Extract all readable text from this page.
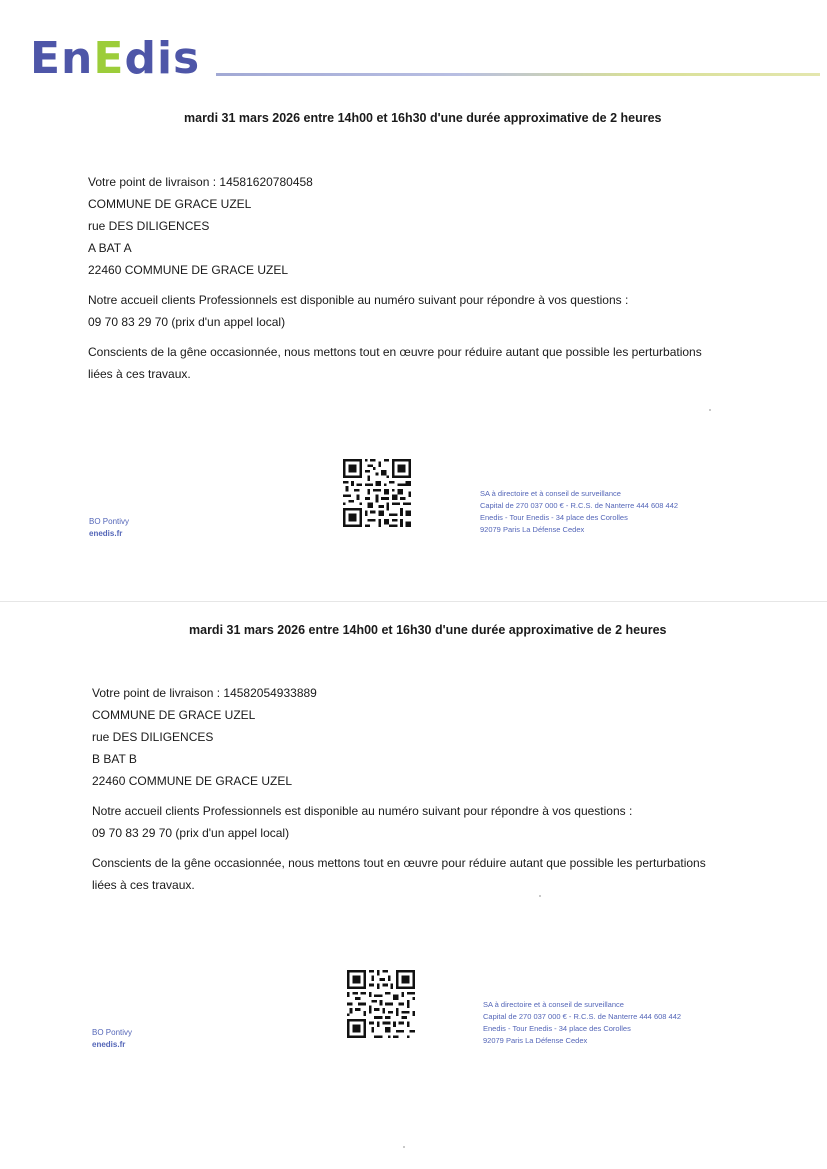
EnEdis
mardi 31 mars 2026 entre 14h00 et 16h30 d'une durée approximative de 2 heures

Votre point de livraison : 14581620780458

COMMUNE DE GRACE UZEL

rue DES DILIGENCES

A BAT A

22460 COMMUNE DE GRACE UZEL

Notre accueil clients Professionnels est disponible au numéro suivant pour répondre à vos questions :

09 70 83 29 70 (prix d'un appel local)

Conscients de la gêne occasionnée, nous mettons tout en œuvre pour réduire autant que possible les perturbations

liées à ces travaux.

BO Pontivy
enedis.fr
SA à directoire et à conseil de surveillance
Capital de 270 037 000 € - R.C.S. de Nanterre 444 608 442
Enedis - Tour Enedis - 34 place des Corolles
92079 Paris La Défense Cedex
mardi 31 mars 2026 entre 14h00 et 16h30 d'une durée approximative de 2 heures

Votre point de livraison : 14582054933889

COMMUNE DE GRACE UZEL

rue DES DILIGENCES

B BAT B

22460 COMMUNE DE GRACE UZEL

Notre accueil clients Professionnels est disponible au numéro suivant pour répondre à vos questions :

09 70 83 29 70 (prix d'un appel local)

Conscients de la gêne occasionnée, nous mettons tout en œuvre pour réduire autant que possible les perturbations

liées à ces travaux.

BO Pontivy
enedis.fr
SA à directoire et à conseil de surveillance
Capital de 270 037 000 € - R.C.S. de Nanterre 444 608 442
Enedis - Tour Enedis - 34 place des Corolles
92079 Paris La Défense Cedex
